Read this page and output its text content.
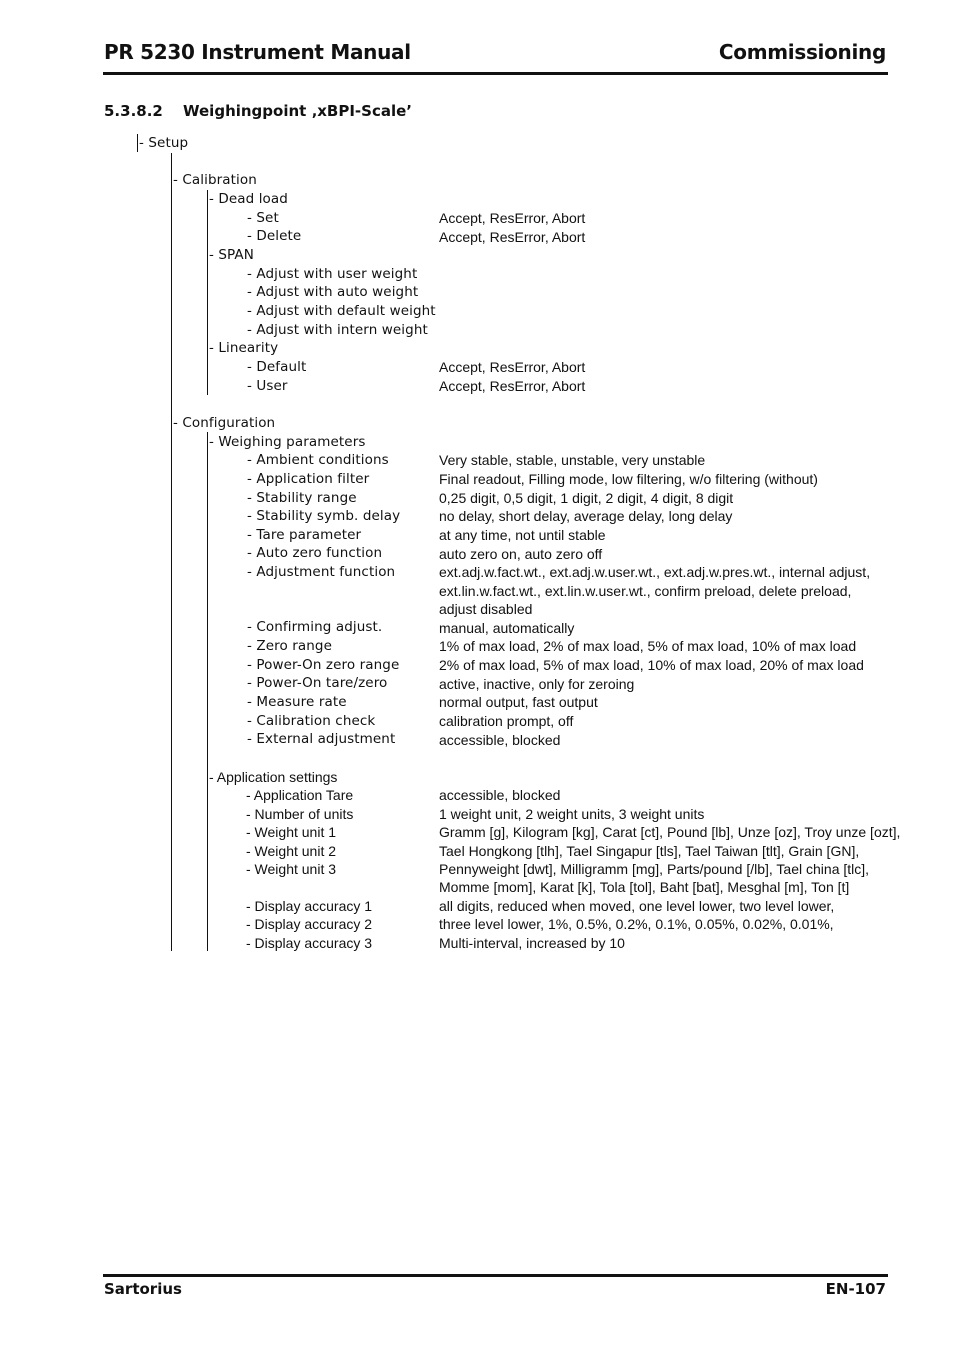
PR 5230 Instrument Manual	Commissioning
5.3.8.2 Weighingpoint ‚xBPI-Scale’
- Setup
- Calibration
- Dead load
- Set	Accept, ResError, Abort
- Delete	Accept, ResError, Abort
- SPAN
- Adjust with user weight
- Adjust with auto weight
- Adjust with default weight
- Adjust with intern weight
- Linearity
- Default	Accept, ResError, Abort
- User	Accept, ResError, Abort
- Configuration
- Weighing parameters
- Ambient conditions	Very stable, stable, unstable, very unstable
- Application filter	Final readout, Filling mode, low filtering, w/o filtering (without)
- Stability range	0,25 digit, 0,5 digit, 1 digit, 2 digit, 4 digit, 8 digit
- Stability symb. delay	no delay, short delay, average delay, long delay
- Tare parameter	at any time, not until stable
- Auto zero function	auto zero on, auto zero off
- Adjustment function	ext.adj.w.fact.wt., ext.adj.w.user.wt., ext.adj.w.pres.wt., internal adjust,
ext.lin.w.fact.wt., ext.lin.w.user.wt., confirm preload, delete preload,
adjust disabled
- Confirming adjust.	manual, automatically
- Zero range	1% of max load, 2% of max load, 5% of max load, 10% of max load
- Power-On zero range	2% of max load, 5% of max load, 10% of max load, 20% of max load
- Power-On tare/zero	active, inactive, only for zeroing
- Measure rate	normal output, fast output
- Calibration check	calibration prompt, off
- External adjustment	accessible, blocked
- Application settings
- Application Tare	accessible, blocked
- Number of units	1 weight unit, 2 weight units, 3 weight units
- Weight unit 1	Gramm [g], Kilogram [kg], Carat [ct], Pound [lb], Unze [oz], Troy unze [ozt],
- Weight unit 2	Tael Hongkong [tlh], Tael Singapur [tls], Tael Taiwan [tlt], Grain [GN],
- Weight unit 3	Pennyweight [dwt], Milligramm [mg], Parts/pound [/lb], Tael china [tlc],
Momme [mom], Karat [k], Tola [tol], Baht [bat], Mesghal [m], Ton [t]
- Display accuracy 1	all digits, reduced when moved, one level lower, two level lower,
- Display accuracy 2	three level lower, 1%, 0.5%, 0.2%, 0.1%, 0.05%, 0.02%, 0.01%,
- Display accuracy 3	Multi-interval, increased by 10
Sartorius	EN-107
